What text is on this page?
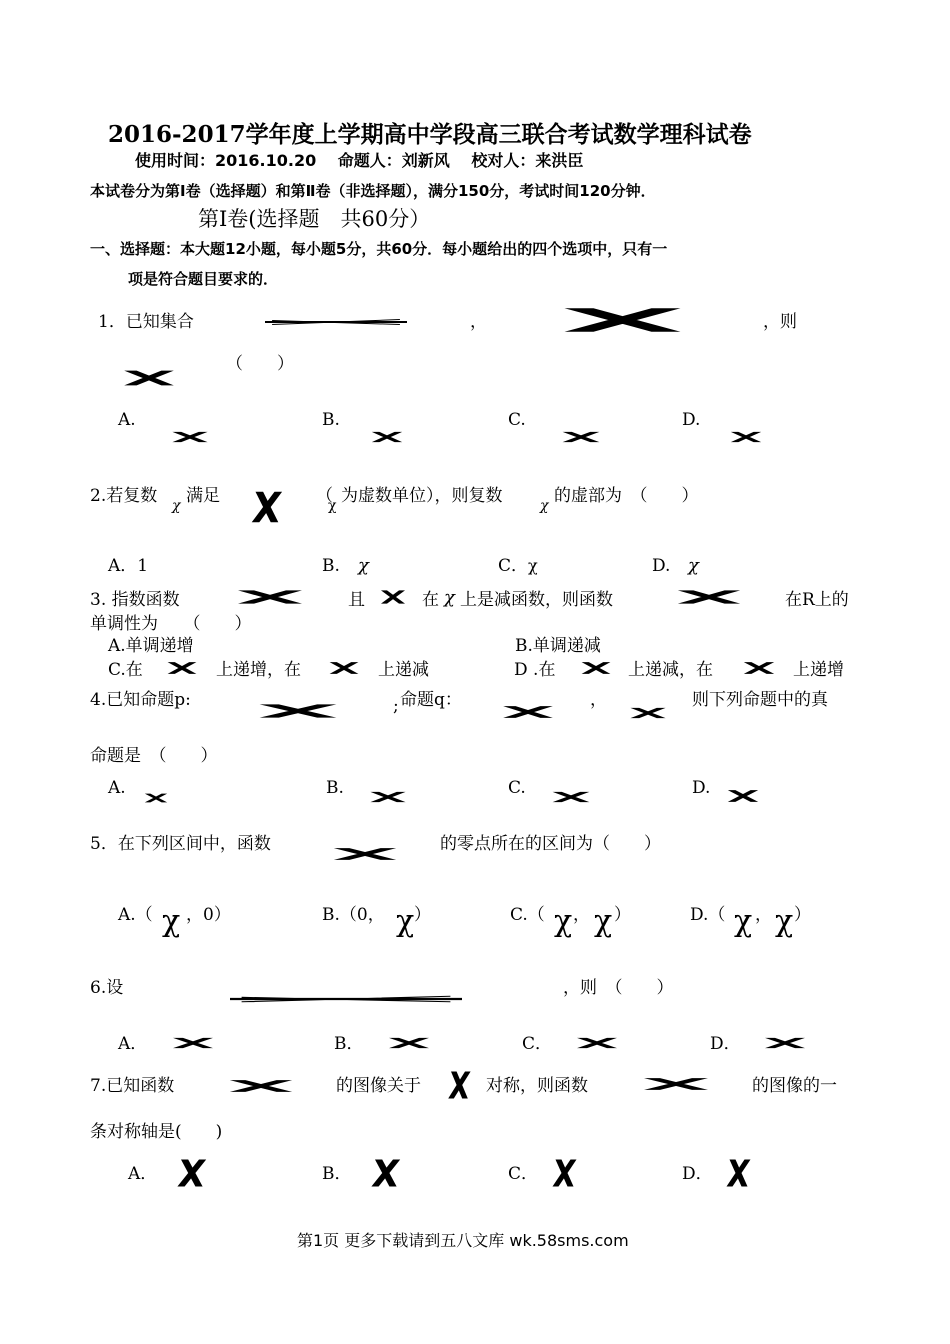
2016-2017学年度上学期高中学段高三联合考试数学理科试卷
使用时间：2016.10.20　 命题人：刘新风　 校对人：来洪臣
本试卷分为第Ⅰ卷（选择题）和第Ⅱ卷（非选择题），满分150分，考试时间120分钟．
第Ⅰ卷(选择题　共60分）
一、选择题：本大题12小题，每小题5分，共60分．每小题给出的四个选项中，只有一
项是符合题目要求的．
1．已知集合	，	，则
（　　）
A.	B.	C.	D.
2.若复数 χ 满足	（
χ 为虚数单位），则复数	χ 的虚部为　（　　）
A．1	B. χ	C． χ	D. χ
3. 指数函数	且	在 χ 上是减函数，则函数	在R上的
单调性为　　（　　）
A.单调递增	B.单调递减
C.在	上递增，在	上递减	D .在	上递减，在	上递增
4.已知命题p:	; 命题q：	，	则下列命题中的真
命题是　（　　）
A.	B.	C.	D.
5．在下列区间中，函数	的零点所在的区间为（　　）
A.（ χ ，0）	B.（0， χ ）	C.（ χ ， χ ）	D.（ χ ， χ ）
6.设	，则　（　　）
A．	B．	C．	D．
7.已知函数	的图像关于	对称，则函数	的图像的一
条对称轴是(　　)
A．	B．	C．	D．
第1页 更多下载请到五八文库 wk.58sms.com
